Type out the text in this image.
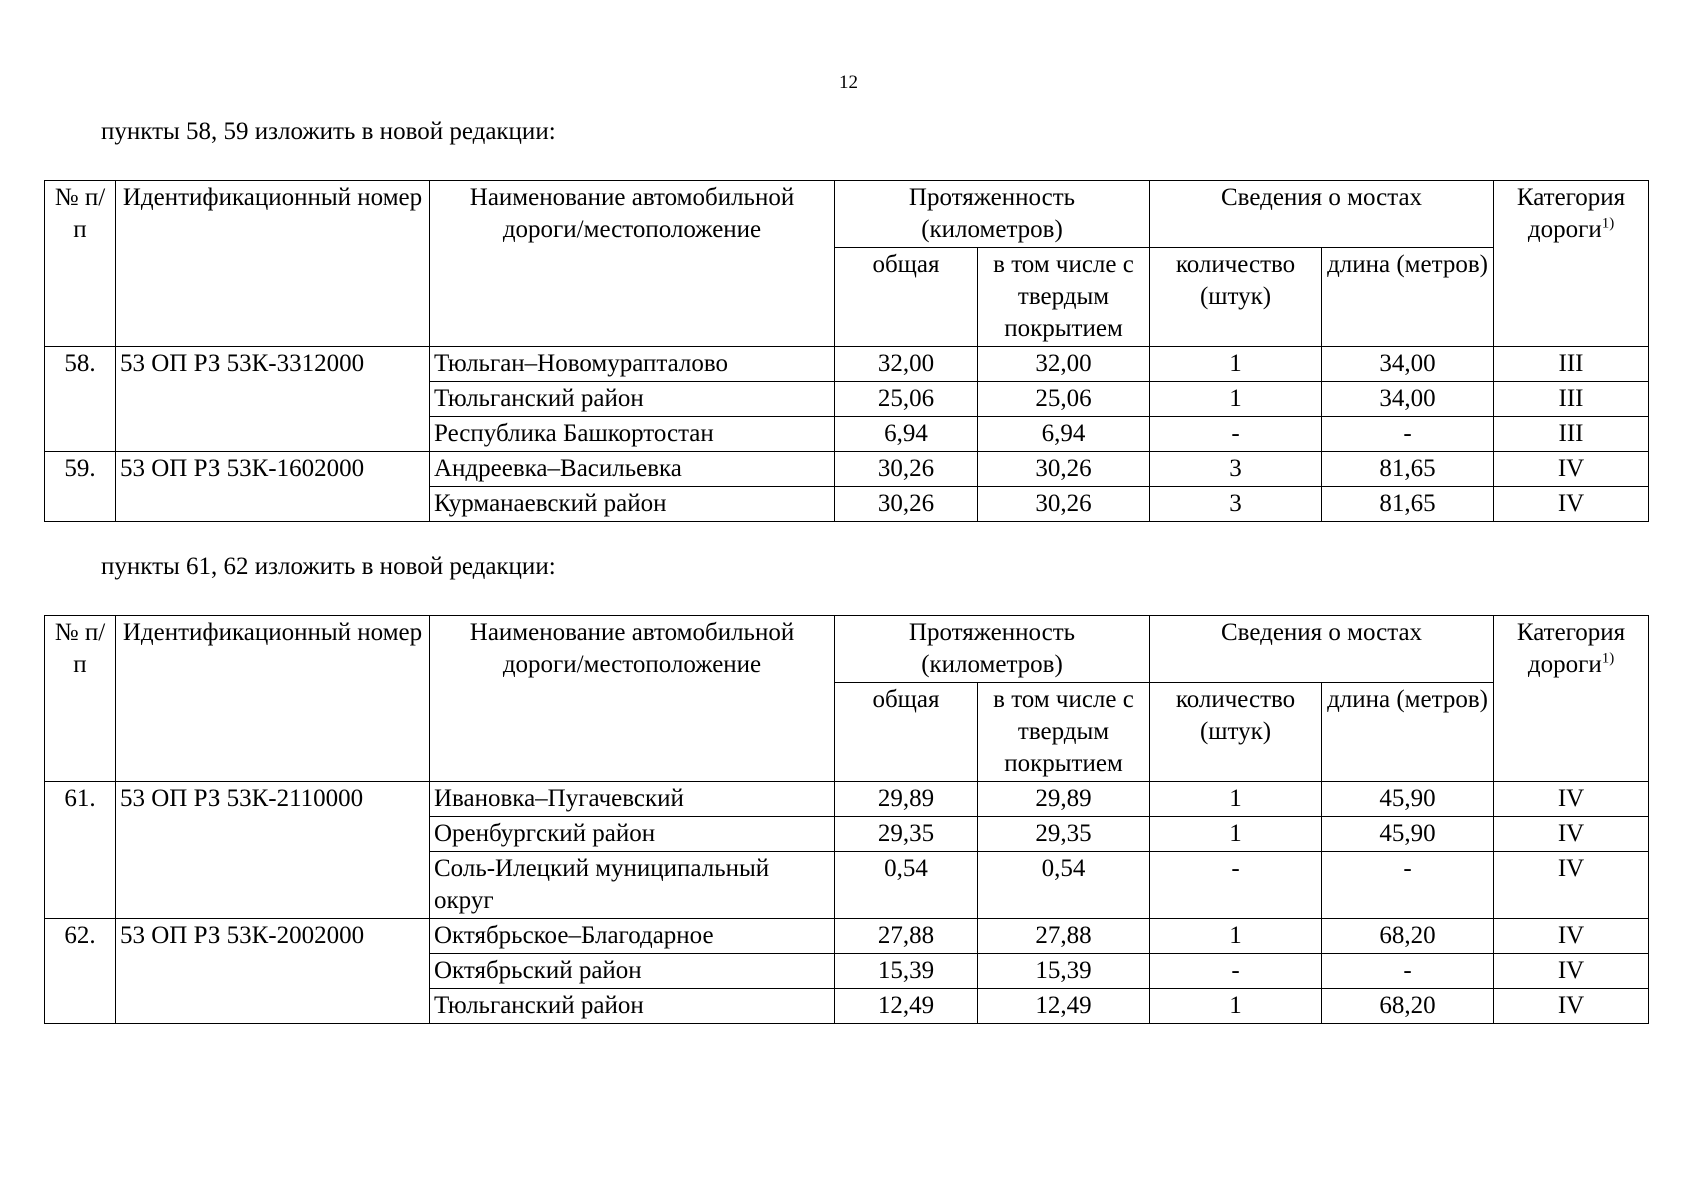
12
пункты 58, 59 изложить в новой редакции:
№ п/п	Идентификационный номер	Наименование автомобильной дороги/местоположение	Протяженность (километров)		Сведения о мостах		Категория дороги$^{1)}$
			общая	в том числе с твердым покрытием	количество (штук)	длина (метров)	
58.	53 ОП РЗ 53К-3312000	Тюльган–Новомурапталово	32,00	32,00	1	34,00	III
		Тюльганский район	25,06	25,06	1	34,00	III
		Республика Башкортостан	6,94	6,94	-	-	III
59.	53 ОП РЗ 53К-1602000	Андреевка–Васильевка	30,26	30,26	3	81,65	IV
		Курманаевский район	30,26	30,26	3	81,65	IV
пункты 61, 62 изложить в новой редакции:
№ п/п	Идентификационный номер	Наименование автомобильной дороги/местоположение	Протяженность (километров)		Сведения о мостах		Категория дороги$^{1)}$
			общая	в том числе с твердым покрытием	количество (штук)	длина (метров)	
61.	53 ОП РЗ 53К-2110000	Ивановка–Пугачевский	29,89	29,89	1	45,90	IV
		Оренбургский район	29,35	29,35	1	45,90	IV
		Соль-Илецкий муниципальный округ	0,54	0,54	-	-	IV
62.	53 ОП РЗ 53К-2002000	Октябрьское–Благодарное	27,88	27,88	1	68,20	IV
		Октябрьский район	15,39	15,39	-	-	IV
		Тюльганский район	12,49	12,49	1	68,20	IV
